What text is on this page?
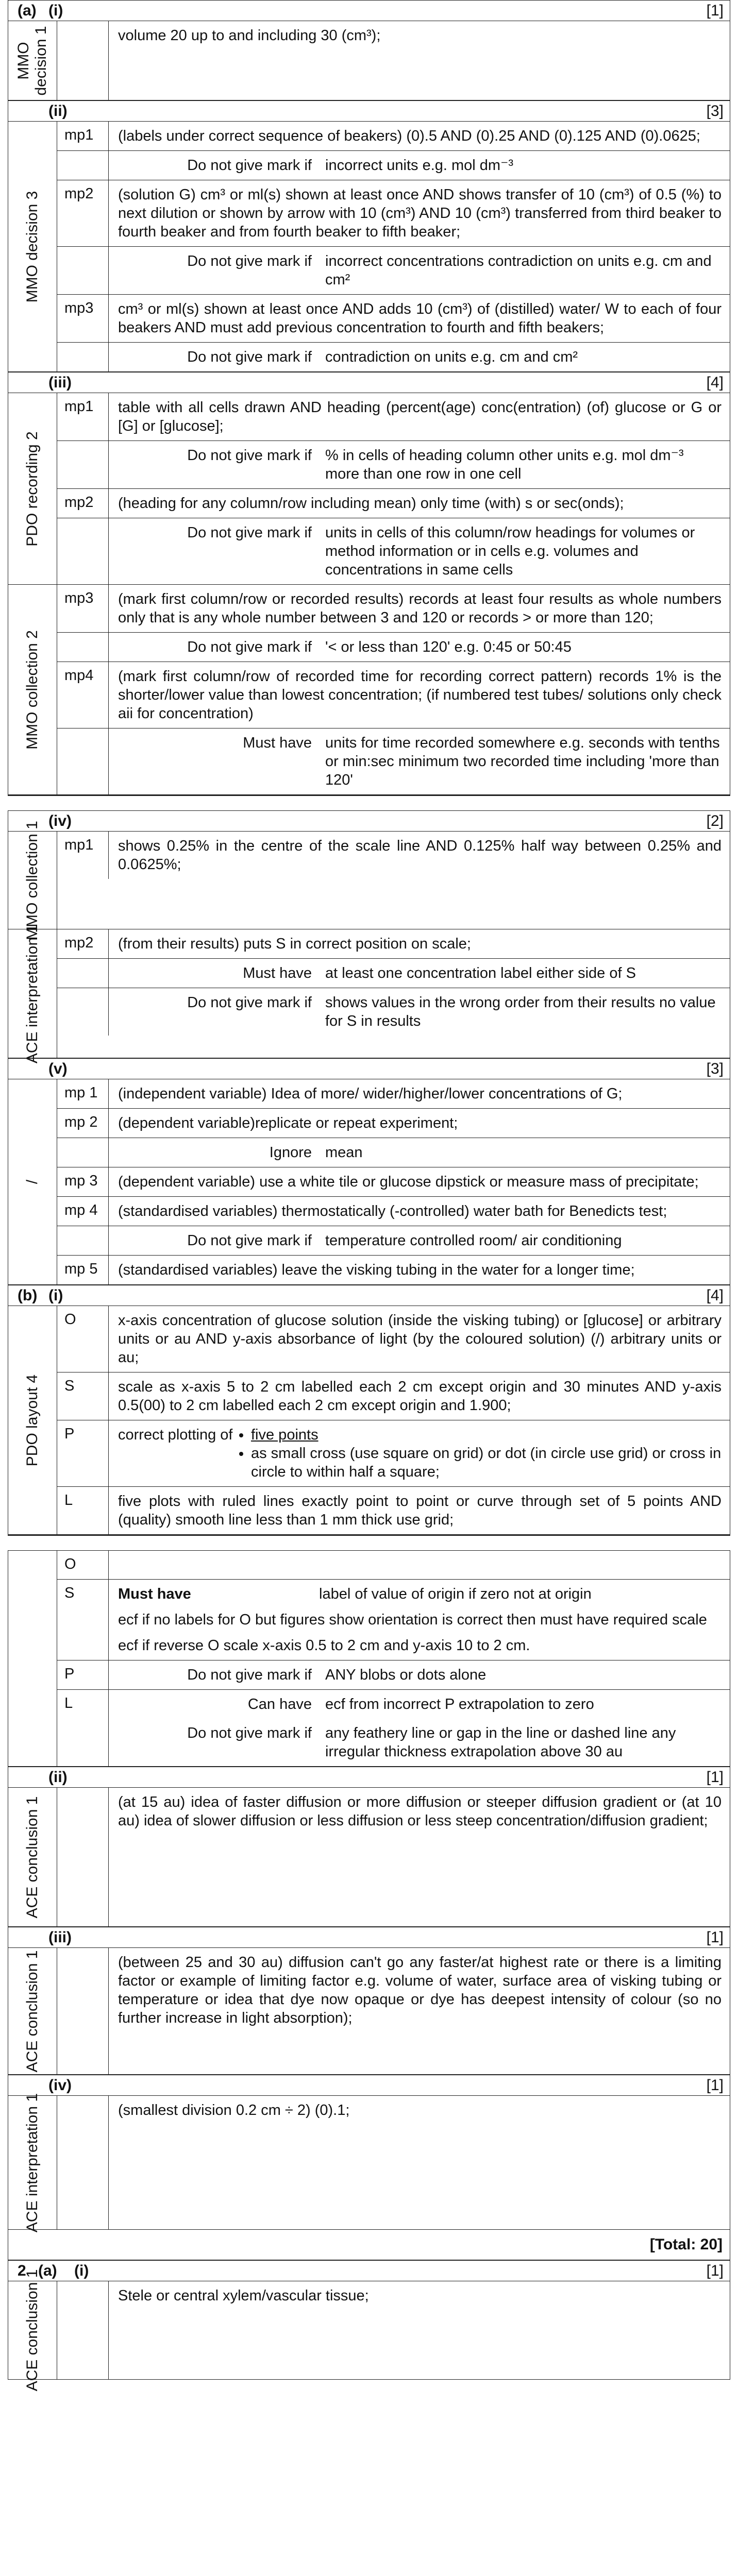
(a) (i)	[1]
MMO decision 1	volume 20 up to and including 30 (cm³);
(ii)	[3]
MMO decision 3
mp1	(labels under correct sequence of beakers) (0).5 AND (0).25 AND (0).125 AND (0).0625;
Do not give mark if incorrect units e.g. mol dm⁻³
mp2	(solution G) cm³ or ml(s) shown at least once AND shows transfer of 10 (cm³) of 0.5 (%) to next dilution or shown by arrow with 10 (cm³) AND 10 (cm³) transferred from third beaker to fourth beaker and from fourth beaker to fifth beaker;
Do not give mark if incorrect concentrations contradiction on units e.g. cm and cm²
mp3	cm³ or ml(s) shown at least once AND adds 10 (cm³) of (distilled) water/ W to each of four beakers AND must add previous concentration to fourth and fifth beakers;
Do not give mark if contradiction on units e.g. cm and cm²
(iii)	[4]
PDO recording 2
mp1	table with all cells drawn AND heading (percent(age) conc(entration) (of) glucose or G or [G] or [glucose];
Do not give mark if % in cells of heading column other units e.g. mol dm⁻³ more than one row in one cell
mp2	(heading for any column/row including mean) only time (with) s or sec(onds);
Do not give mark if units in cells of this column/row headings for volumes or method information or in cells e.g. volumes and concentrations in same cells
MMO collection 2
mp3	(mark first column/row or recorded results) records at least four results as whole numbers only that is any whole number between 3 and 120 or records > or more than 120;
Do not give mark if '< or less than 120' e.g. 0:45 or 50:45
mp4	(mark first column/row of recorded time for recording correct pattern) records 1% is the shorter/lower value than lowest concentration; (if numbered test tubes/ solutions only check aii for concentration)
Must have units for time recorded somewhere e.g. seconds with tenths or min:sec minimum two recorded time including 'more than 120'
(iv)	[2]
MMO collection 1	mp1	shows 0.25% in the centre of the scale line AND 0.125% half way between 0.25% and 0.0625%;
ACE interpretation 1	mp2	(from their results) puts S in correct position on scale;
Must have at least one concentration label either side of S
Do not give mark if shows values in the wrong order from their results no value for S in results
(v)	[3]
/
mp 1	(independent variable) Idea of more/ wider/higher/lower concentrations of G;
mp 2	(dependent variable)replicate or repeat experiment;
Ignore mean
mp 3	(dependent variable) use a white tile or glucose dipstick or measure mass of precipitate;
mp 4	(standardised variables) thermostatically (-controlled) water bath for Benedicts test;
Do not give mark if temperature controlled room/ air conditioning
mp 5	(standardised variables) leave the visking tubing in the water for a longer time;
(b) (i)	[4]
PDO layout 4
O	x-axis concentration of glucose solution (inside the visking tubing) or [glucose] or arbitrary units or au AND y-axis absorbance of light (by the coloured solution) (/) arbitrary units or au;
S	scale as x-axis 5 to 2 cm labelled each 2 cm except origin and 30 minutes AND y-axis 0.5(00) to 2 cm labelled each 2 cm except origin and 1.900;
P	correct plotting of
• five points
• as small cross (use square on grid) or dot (in circle use grid) or cross in circle to within half a square;
L	five plots with ruled lines exactly point to point or curve through set of 5 points AND (quality) smooth line less than 1 mm thick use grid;
O
S	Must have	label of value of origin if zero not at origin
ecf if no labels for O but figures show orientation is correct then must have required scale
ecf if reverse O scale x-axis 0.5 to 2 cm and y-axis 10 to 2 cm.
P	Do not give mark if ANY blobs or dots alone
L	Can have ecf from incorrect P extrapolation to zero
Do not give mark if any feathery line or gap in the line or dashed line any irregular thickness extrapolation above 30 au
(ii)	[1]
ACE conclusion 1	(at 15 au) idea of faster diffusion or more diffusion or steeper diffusion gradient or (at 10 au) idea of slower diffusion or less diffusion or less steep concentration/diffusion gradient;
(iii)	[1]
ACE conclusion 1	(between 25 and 30 au) diffusion can't go any faster/at highest rate or there is a limiting factor or example of limiting factor e.g. volume of water, surface area of visking tubing or temperature or idea that dye now opaque or dye has deepest intensity of colour (so no further increase in light absorption);
(iv)	[1]
ACE interpretation 1	(smallest division 0.2 cm ÷ 2) (0).1;
[Total: 20]
2 (a) (i)	[1]
ACE conclusion 1	Stele or central xylem/vascular tissue;
